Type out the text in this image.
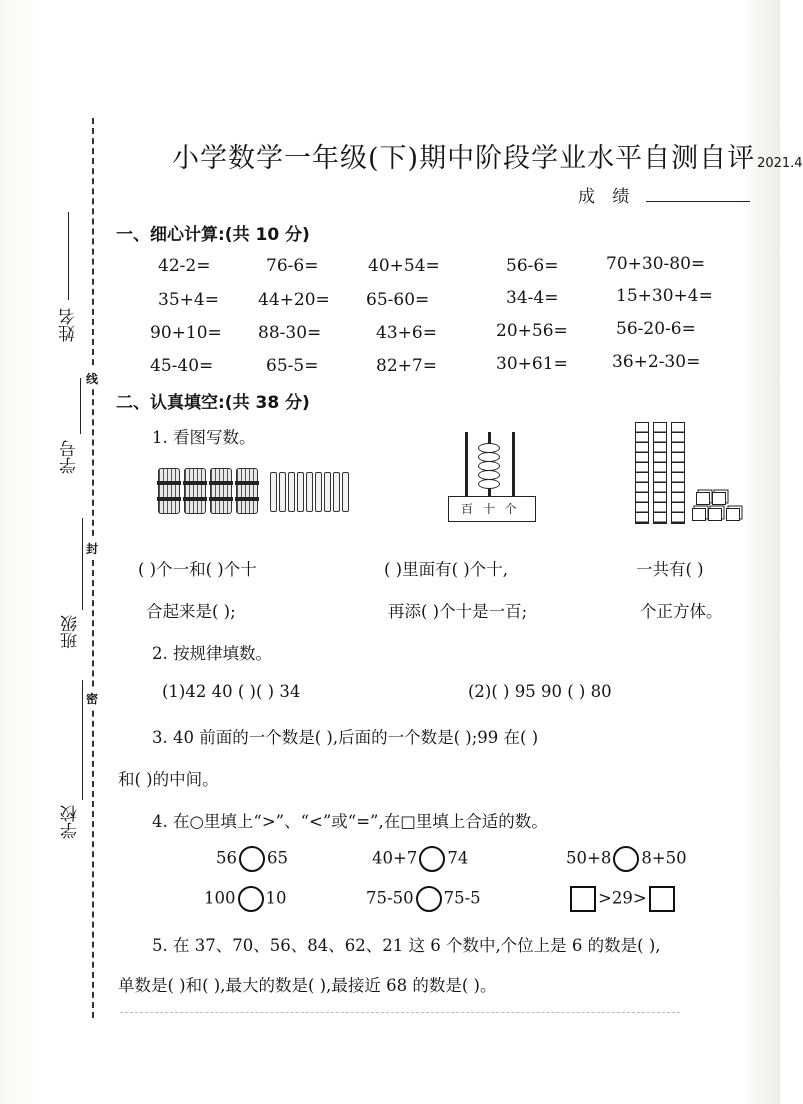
姓名
学号
班级
学校
线
封
密
小学数学一年级(下)期中阶段学业水平自测自评 2021.4
成 绩
一、细心计算:(共 10 分)
42-2=	76-6=	40+54=	56-6=	70+30-80=
35+4= 44+20= 65-60=	34-4=	15+30+4=
90+10= 88-30=	43+6=	20+56=	56-20-6=
45-40=	65-5=	82+7=	30+61=	36+2-30=
二、认真填空:(共 38 分)
1. 看图写数。
百 十 个
( )个一和( )个十	( )里面有( )个十,	一共有( )
合起来是( );	再添( )个十是一百;	个正方体。
2. 按规律填数。
(1)42 40 ( )( ) 34	(2)( ) 95 90 ( ) 80
3. 40 前面的一个数是( ),后面的一个数是( );99 在( )
和( )的中间。
4. 在○里填上“>”、“<”或“=”,在□里填上合适的数。
56 65	40+7 74	50+8 8+50
100 10	75-50 75-5	>29>
5. 在 37、70、56、84、62、21 这 6 个数中,个位上是 6 的数是( ),
单数是( )和( ),最大的数是( ),最接近 68 的数是( )。
